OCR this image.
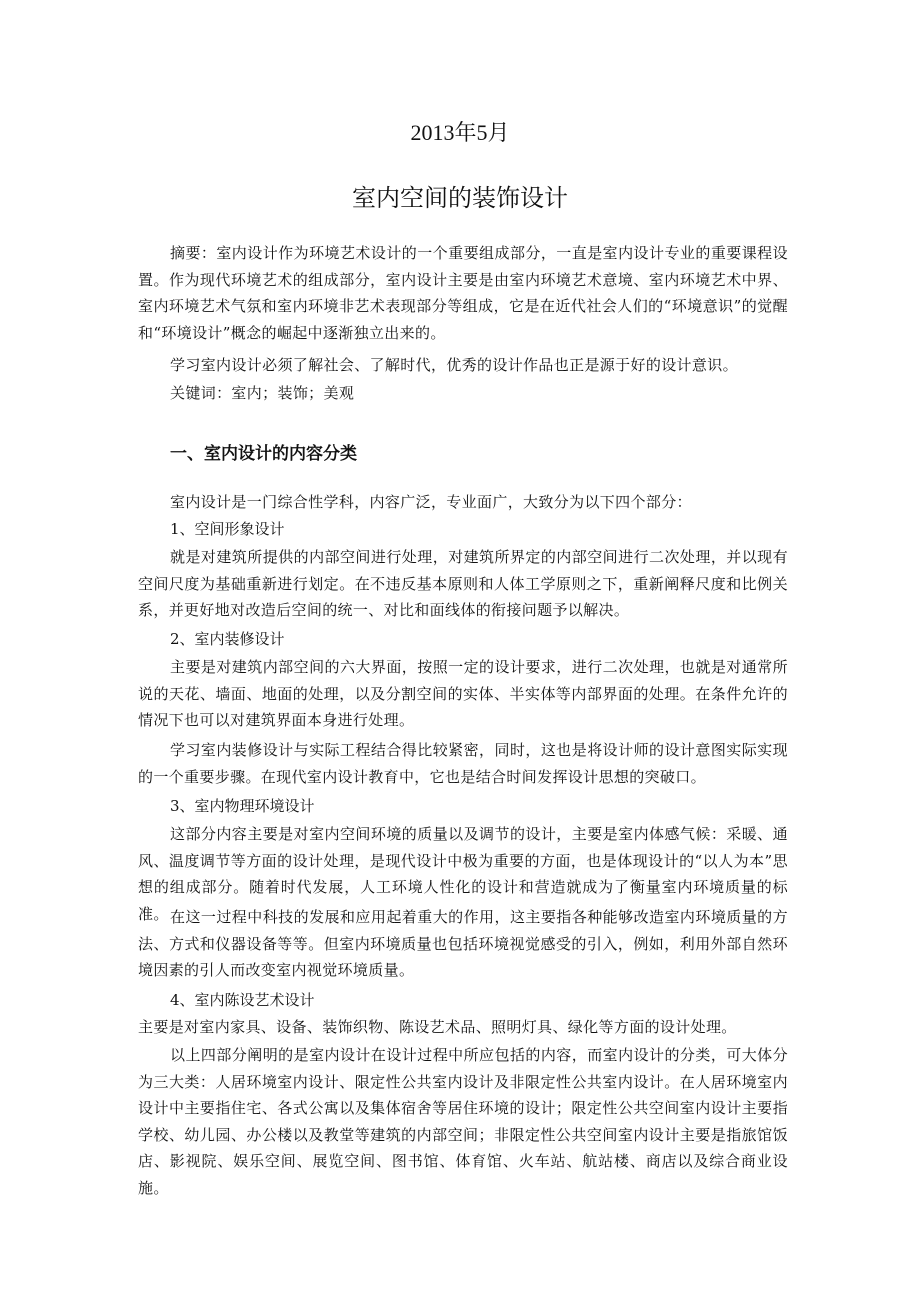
2013年5月
室内空间的装饰设计

摘要：室内设计作为环境艺术设计的一个重要组成部分，一直是室内设计专业的重要课程设置。作为现代环境艺术的组成部分，室内设计主要是由室内环境艺术意境、室内环境艺术中界、室内环境艺术气氛和室内环境非艺术表现部分等组成，它是在近代社会人们的“环境意识”的觉醒和“环境设计”概念的崛起中逐渐独立出来的。

学习室内设计必须了解社会、了解时代，优秀的设计作品也正是源于好的设计意识。

关键词：室内；装饰；美观

一、室内设计的内容分类

室内设计是一门综合性学科，内容广泛，专业面广，大致分为以下四个部分：

1、空间形象设计

就是对建筑所提供的内部空间进行处理，对建筑所界定的内部空间进行二次处理，并以现有空间尺度为基础重新进行划定。在不违反基本原则和人体工学原则之下，重新阐释尺度和比例关系，并更好地对改造后空间的统一、对比和面线体的衔接问题予以解决。

2、室内装修设计

主要是对建筑内部空间的六大界面，按照一定的设计要求，进行二次处理，也就是对通常所说的天花、墙面、地面的处理，以及分割空间的实体、半实体等内部界面的处理。在条件允许的情况下也可以对建筑界面本身进行处理。

学习室内装修设计与实际工程结合得比较紧密，同时，这也是将设计师的设计意图实际实现的一个重要步骤。在现代室内设计教育中，它也是结合时间发挥设计思想的突破口。

3、室内物理环境设计

这部分内容主要是对室内空间环境的质量以及调节的设计，主要是室内体感气候：采暖、通风、温度调节等方面的设计处理，是现代设计中极为重要的方面，也是体现设计的“以人为本”思想的组成部分。随着时代发展，人工环境人性化的设计和营造就成为了衡量室内环境质量的标准。 在这一过程中科技的发展和应用起着重大的作用，这主要指各种能够改造室内环境质量的方法、方式和仪器设备等等。但室内环境质量也包括环境视觉感受的引入，例如，利用外部自然环境因素的引人而改变室内视觉环境质量。

4、室内陈设艺术设计

主要是对室内家具、设备、装饰织物、陈设艺术品、照明灯具、绿化等方面的设计处理。

以上四部分阐明的是室内设计在设计过程中所应包括的内容，而室内设计的分类，可大体分为三大类：人居环境室内设计、限定性公共室内设计及非限定性公共室内设计。在人居环境室内设计中主要指住宅、各式公寓以及集体宿舍等居住环境的设计；限定性公共空间室内设计主要指学校、幼儿园、办公楼以及教堂等建筑的内部空间；非限定性公共空间室内设计主要是指旅馆饭店、影视院、娱乐空间、展览空间、图书馆、体育馆、火车站、航站楼、商店以及综合商业设施。
